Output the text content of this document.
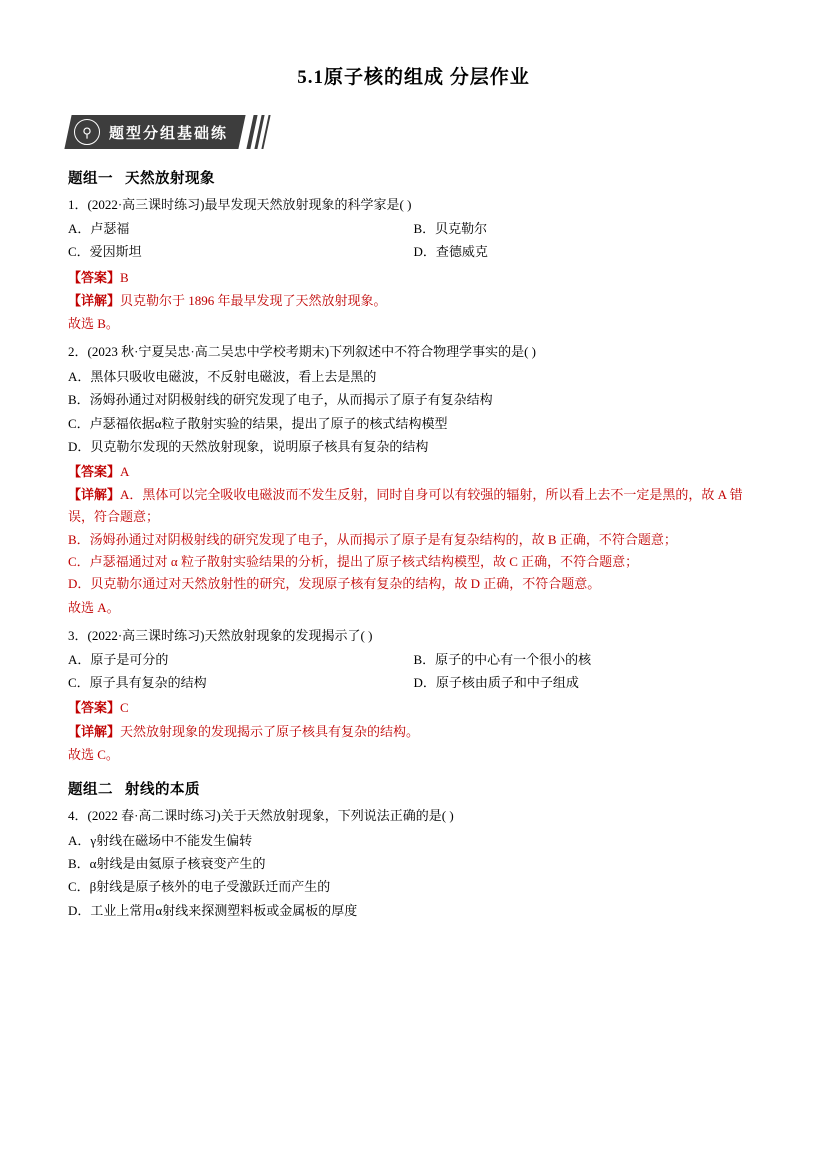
5.1原子核的组成 分层作业
⚲	题型分组基础练
题组一 天然放射现象
1．(2022·高三课时练习)最早发现天然放射现象的科学家是( )
A．卢瑟福	B．贝克勒尔
C．爱因斯坦	D．查德威克
【答案】B

【详解】贝克勒尔于 1896 年最早发现了天然放射现象。

故选 B。
2．(2023 秋·宁夏吴忠·高二吴忠中学校考期末)下列叙述中不符合物理学事实的是( )
A．黑体只吸收电磁波，不反射电磁波，看上去是黑的
B．汤姆孙通过对阴极射线的研究发现了电子，从而揭示了原子有复杂结构
C．卢瑟福依据α粒子散射实验的结果，提出了原子的核式结构模型
D．贝克勒尔发现的天然放射现象，说明原子核具有复杂的结构
【答案】A

【详解】A．黑体可以完全吸收电磁波而不发生反射，同时自身可以有较强的辐射，所以看上去不一定是黑的，故 A 错误，符合题意；

B．汤姆孙通过对阴极射线的研究发现了电子，从而揭示了原子是有复杂结构的，故 B 正确，不符合题意；

C．卢瑟福通过对 α 粒子散射实验结果的分析，提出了原子核式结构模型，故 C 正确，不符合题意；

D．贝克勒尔通过对天然放射性的研究，发现原子核有复杂的结构，故 D 正确，不符合题意。

故选 A。
3．(2022·高三课时练习)天然放射现象的发现揭示了( )
A．原子是可分的	B．原子的中心有一个很小的核
C．原子具有复杂的结构	D．原子核由质子和中子组成
【答案】C

【详解】天然放射现象的发现揭示了原子核具有复杂的结构。

故选 C。
题组二 射线的本质
4．(2022 春·高二课时练习)关于天然放射现象，下列说法正确的是( )
A．γ射线在磁场中不能发生偏转
B．α射线是由氦原子核衰变产生的
C．β射线是原子核外的电子受激跃迁而产生的
D．工业上常用α射线来探测塑料板或金属板的厚度
